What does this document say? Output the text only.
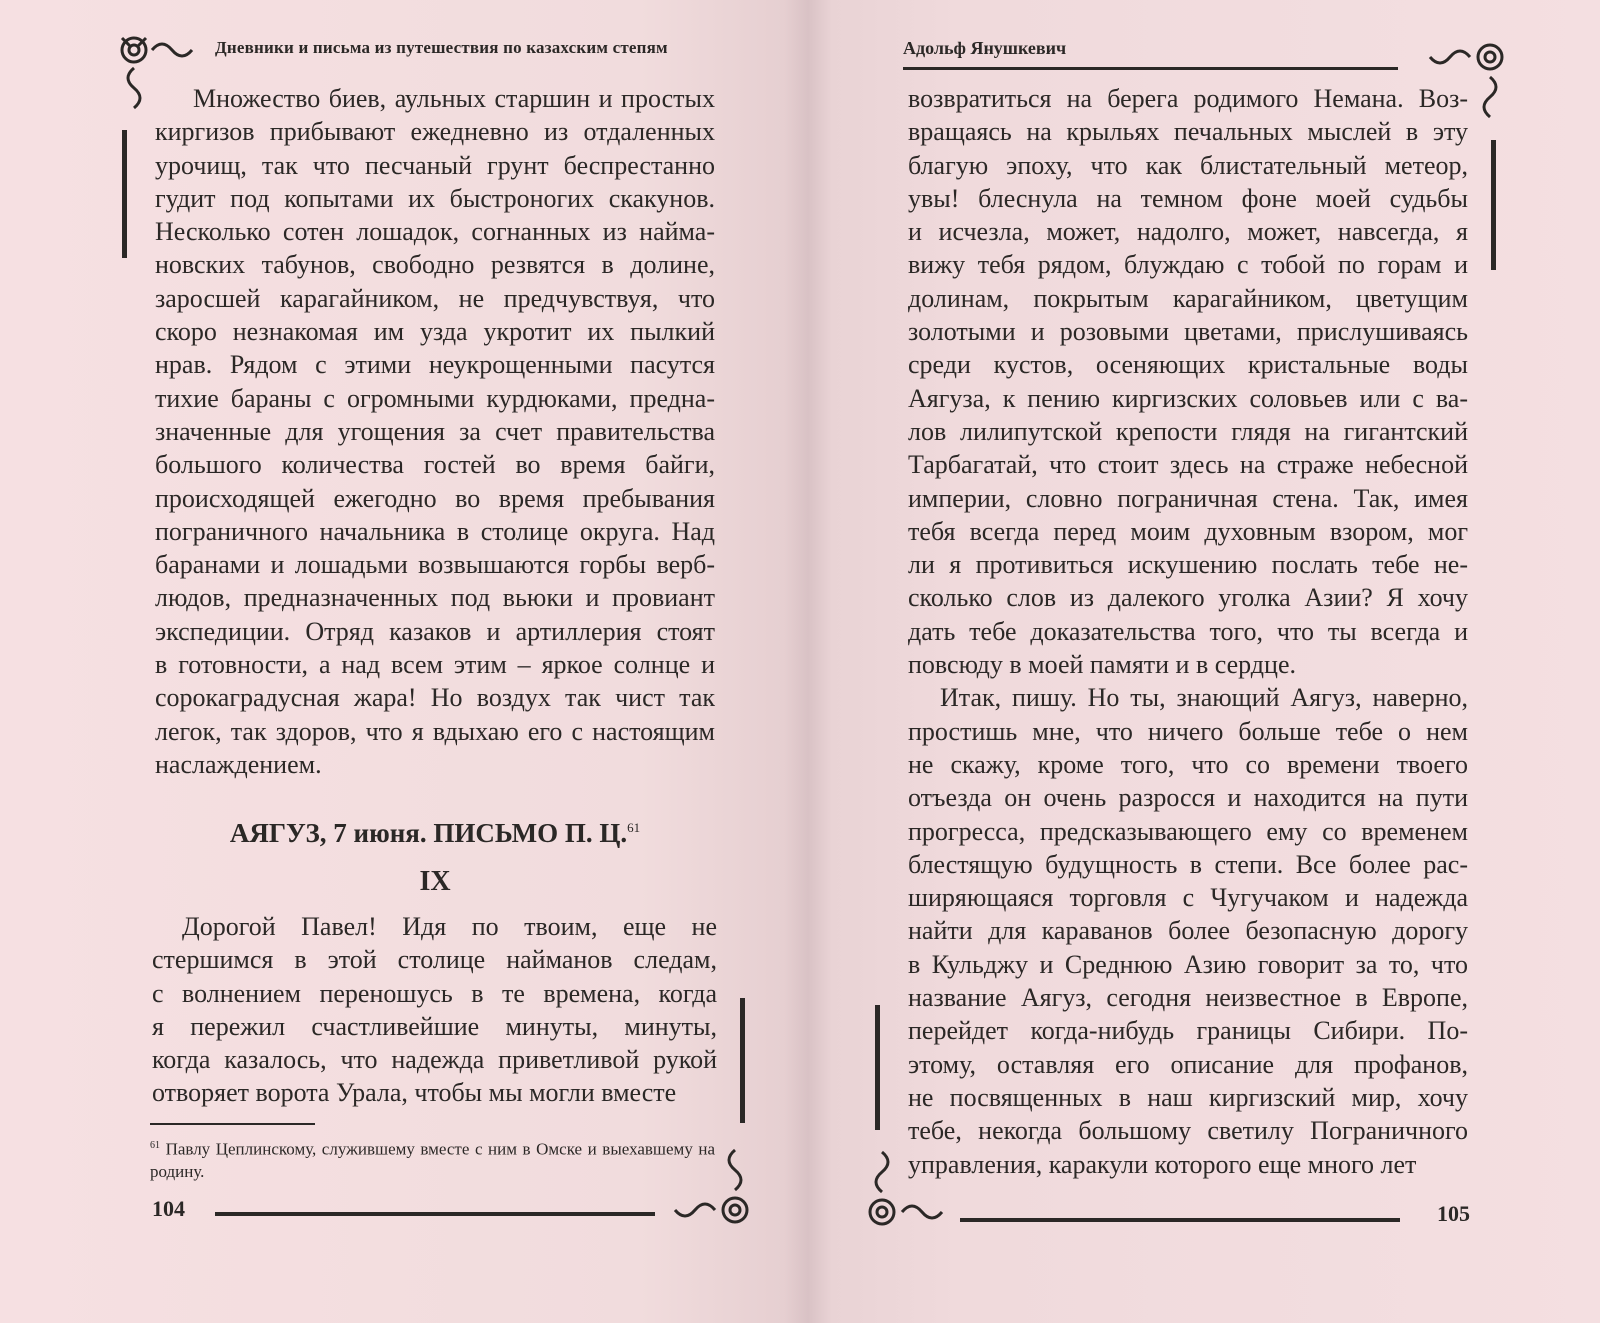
Дневники и письма из путешествия по казахским степям

Множество биев, аульных старшин и простых
киргизов прибывают ежедневно из отдаленных
урочищ, так что песчаный грунт беспрестанно
гудит под копытами их быстроногих скакунов.
Несколько сотен лошадок, согнанных из найма-
новских табунов, свободно резвятся в долине,
заросшей карагайником, не предчувствуя, что
скоро незнакомая им узда укротит их пылкий
нрав. Рядом с этими неукрощенными пасутся
тихие бараны с огромными курдюками, предна-
значенные для угощения за счет правительства
большого количества гостей во время байги,
происходящей ежегодно во время пребывания
пограничного начальника в столице округа. Над
баранами и лошадьми возвышаются горбы верб-
людов, предназначенных под вьюки и провиант
экспедиции. Отряд казаков и артиллерия стоят
в готовности, а над всем этим – яркое солнце и
сорокаградусная жара! Но воздух так чист так
легок, так здоров, что я вдыхаю его с настоящим
наслаждением.

АЯГУЗ, 7 июня. ПИСЬМО П. Ц.$^{61}$
IX

Дорогой Павел! Идя по твоим, еще не
стершимся в этой столице найманов следам,
с волнением переношусь в те времена, когда
я пережил счастливейшие минуты, минуты,
когда казалось, что надежда приветливой рукой
отворяет ворота Урала, чтобы мы могли вместе

$^{61}$ Павлу Цеплинскому, служившему вместе с ним в Омске и выехавшему на родину.
104
Адольф Янушкевич

возвратиться на берега родимого Немана. Воз-
вращаясь на крыльях печальных мыслей в эту
благую эпоху, что как блистательный метеор,
увы! блеснула на темном фоне моей судьбы
и исчезла, может, надолго, может, навсегда, я
вижу тебя рядом, блуждаю с тобой по горам и
долинам, покрытым карагайником, цветущим
золотыми и розовыми цветами, прислушиваясь
среди кустов, осеняющих кристальные воды
Аягуза, к пению киргизских соловьев или с ва-
лов лилипутской крепости глядя на гигантский
Тарбагатай, что стоит здесь на страже небесной
империи, словно пограничная стена. Так, имея
тебя всегда перед моим духовным взором, мог
ли я противиться искушению послать тебе не-
сколько слов из далекого уголка Азии? Я хочу
дать тебе доказательства того, что ты всегда и
повсюду в моей памяти и в сердце.

Итак, пишу. Но ты, знающий Аягуз, наверно,
простишь мне, что ничего больше тебе о нем
не скажу, кроме того, что со времени твоего
отъезда он очень разросся и находится на пути
прогресса, предсказывающего ему со временем
блестящую будущность в степи. Все более рас-
ширяющаяся торговля с Чугучаком и надежда
найти для караванов более безопасную дорогу
в Кульджу и Среднюю Азию говорит за то, что
название Аягуз, сегодня неизвестное в Европе,
перейдет когда-нибудь границы Сибири. По-
этому, оставляя его описание для профанов,
не посвященных в наш киргизский мир, хочу
тебе, некогда большому светилу Пограничного
управления, каракули которого еще много лет

105
